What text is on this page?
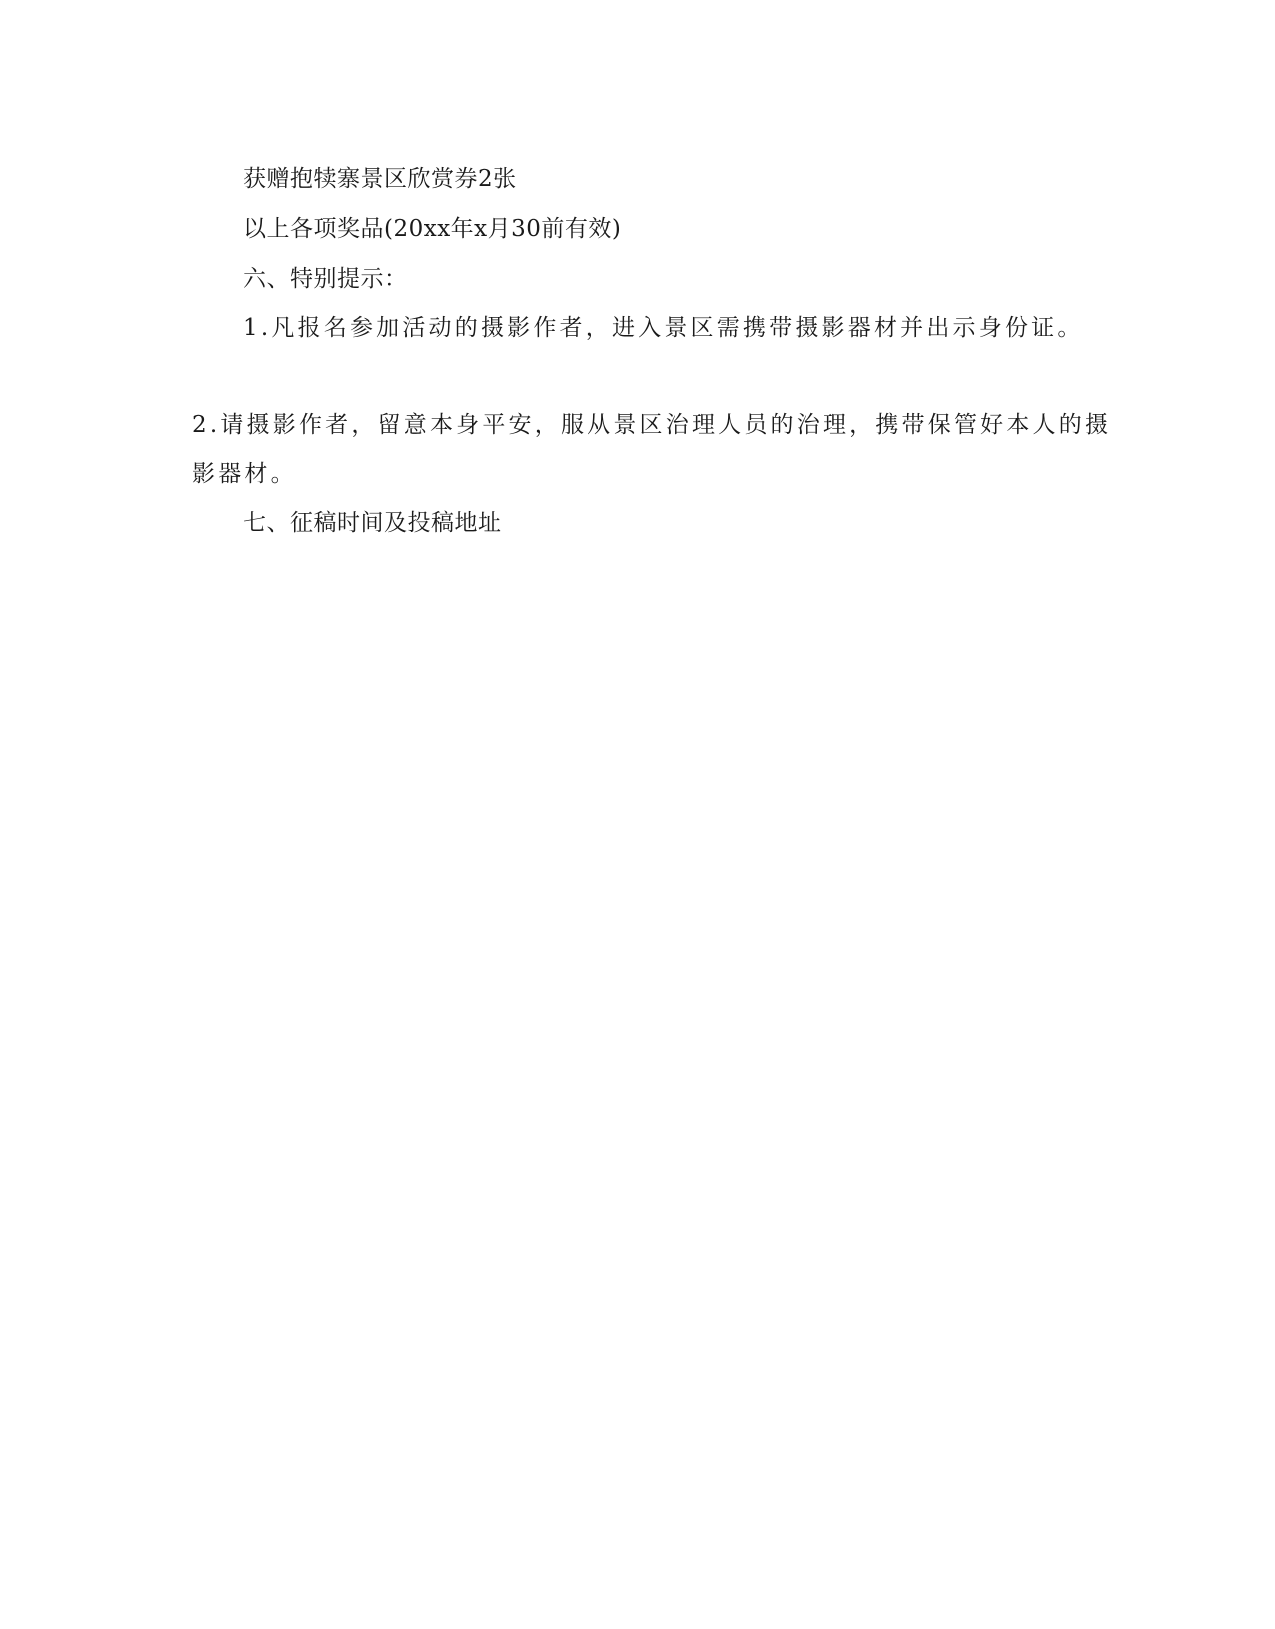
获赠抱犊寨景区欣赏券2张
以上各项奖品(20xx年x月30前有效)
六、特别提示：
1.凡报名参加活动的摄影作者，进入景区需携带摄影器材并出示身份证。
2.请摄影作者，留意本身平安，服从景区治理人员的治理，携带保管好本人的摄
影器材。
七、征稿时间及投稿地址
